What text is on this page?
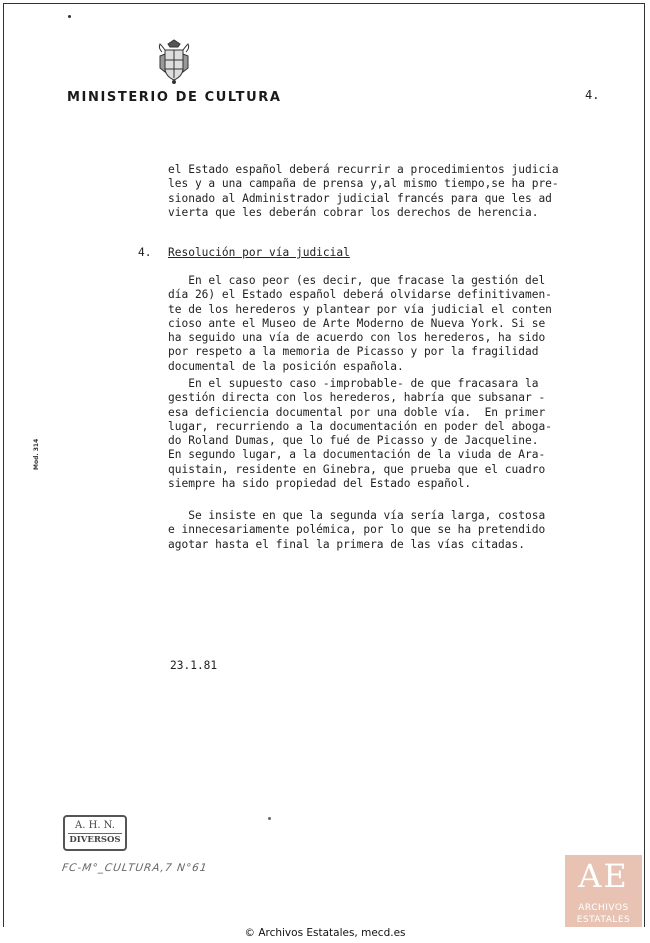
MINISTERIO DE CULTURA	4.
el Estado español deberá recurrir a procedimientos judicia
les y a una campaña de prensa y,al mismo tiempo,se ha pre-
sionado al Administrador judicial francés para que les ad
vierta que les deberán cobrar los derechos de herencia.
4. Resolución por vía judicial
En el caso peor (es decir, que fracase la gestión del
día 26) el Estado español deberá olvidarse definitivamen-
te de los herederos y plantear por vía judicial el conten
cioso ante el Museo de Arte Moderno de Nueva York. Si se
ha seguido una vía de acuerdo con los herederos, ha sido
por respeto a la memoria de Picasso y por la fragilidad
documental de la posición española.
En el supuesto caso -improbable- de que fracasara la
gestión directa con los herederos, habría que subsanar -
esa deficiencia documental por una doble vía.  En primer
lugar, recurriendo a la documentación en poder del aboga-
do Roland Dumas, que lo fué de Picasso y de Jacqueline.
En segundo lugar, a la documentación de la viuda de Ara-
quistain, residente en Ginebra, que prueba que el cuadro
siempre ha sido propiedad del Estado español.
Se insiste en que la segunda vía sería larga, costosa
e innecesariamente polémica, por lo que se ha pretendido
agotar hasta el final la primera de las vías citadas.
23.1.81
Mod. 314
A. H. N.
DIVERSOS
FC-M°_CULTURA,7 N°61	AE
ARCHIVOS
ESTATALES
© Archivos Estatales, mecd.es
